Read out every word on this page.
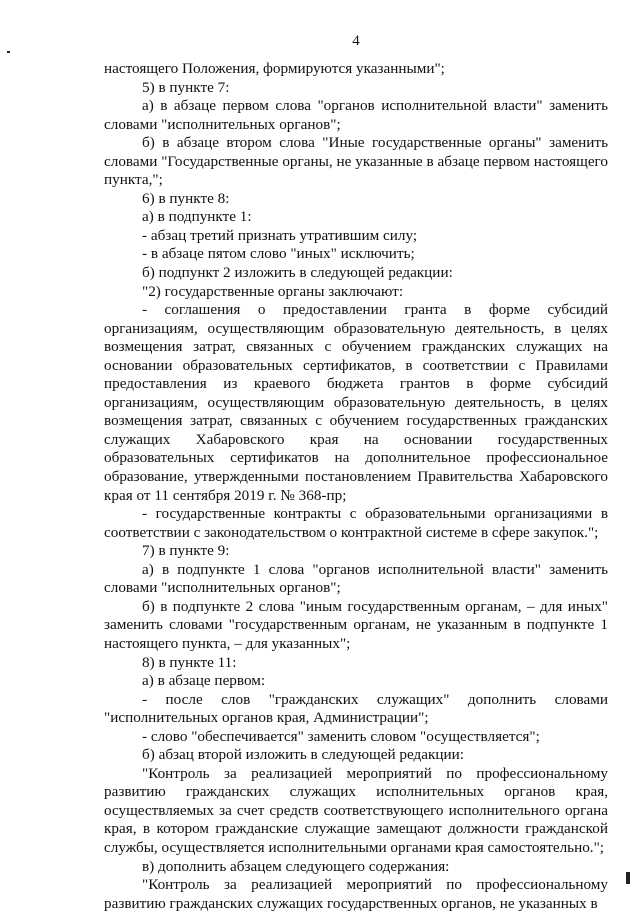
4

настоящего Положения, формируются указанными";

5) в пункте 7:

а) в абзаце первом слова "органов исполнительной власти" заменить словами "исполнительных органов";

б) в абзаце втором слова "Иные государственные органы" заменить словами "Государственные органы, не указанные в абзаце первом настоящего пункта,";

6) в пункте 8:

а) в подпункте 1:

- абзац третий признать утратившим силу;

- в абзаце пятом слово "иных" исключить;

б) подпункт 2 изложить в следующей редакции:

"2) государственные органы заключают:

- соглашения о предоставлении гранта в форме субсидий организациям, осуществляющим образовательную деятельность, в целях возмещения затрат, связанных с обучением гражданских служащих на основании образовательных сертификатов, в соответствии с Правилами предоставления из краевого бюджета грантов в форме субсидий организациям, осуществляющим образовательную деятельность, в целях возмещения затрат, связанных с обучением государственных гражданских служащих Хабаровского края на основании государственных образовательных сертификатов на дополнительное профессиональное образование, утвержденными постановлением Правительства Хабаровского края от 11 сентября 2019 г. № 368-пр;

- государственные контракты с образовательными организациями в соответствии с законодательством о контрактной системе в сфере закупок.";

7) в пункте 9:

а) в подпункте 1 слова "органов исполнительной власти" заменить словами "исполнительных органов";

б) в подпункте 2 слова "иным государственным органам, – для иных" заменить словами "государственным органам, не указанным в подпункте 1 настоящего пункта, – для указанных";

8) в пункте 11:

а) в абзаце первом:

- после слов "гражданских служащих" дополнить словами "исполнительных органов края, Администрации";

- слово "обеспечивается" заменить словом "осуществляется";

б) абзац второй изложить в следующей редакции:

"Контроль за реализацией мероприятий по профессиональному развитию гражданских служащих исполнительных органов края, осуществляемых за счет средств соответствующего исполнительного органа края, в котором гражданские служащие замещают должности гражданской службы, осуществляется исполнительными органами края самостоятельно.";

в) дополнить абзацем следующего содержания:

"Контроль за реализацией мероприятий по профессиональному развитию гражданских служащих государственных органов, не указанных в
